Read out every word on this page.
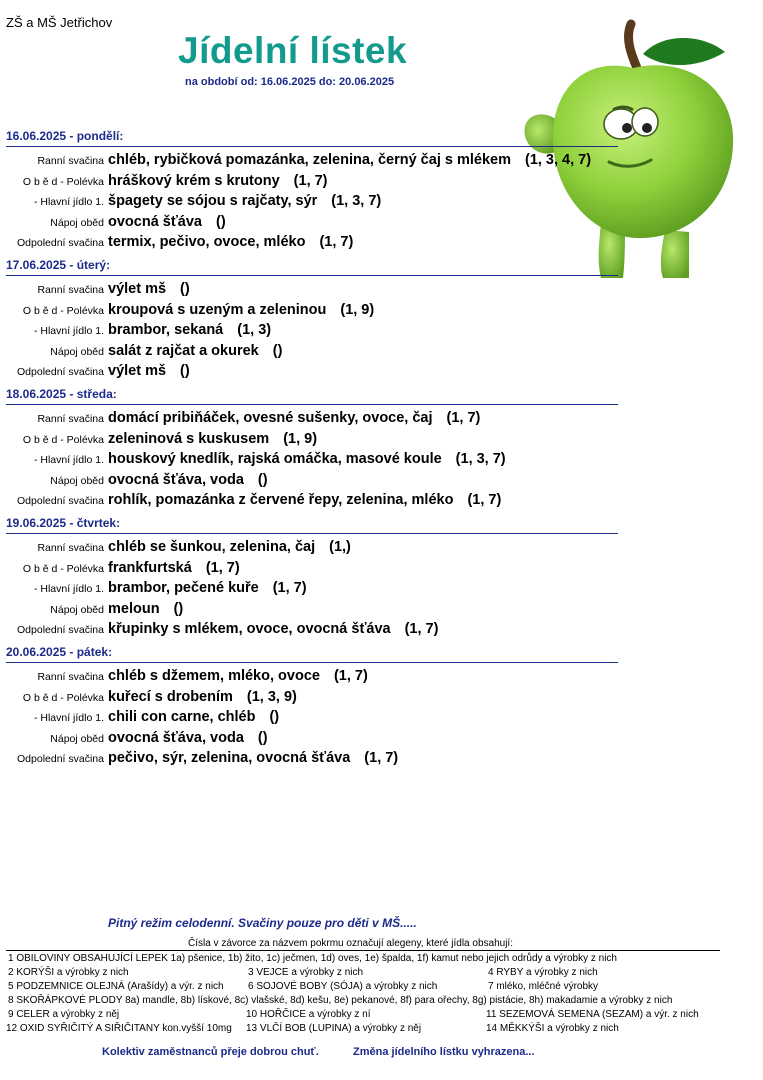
ZŠ a MŠ Jetřichov
Jídelní lístek
na období od: 16.06.2025 do: 20.06.2025
16.06.2025 - pondělí:
Ranní svačina chléb, rybičková pomazánka, zelenina, černý čaj s mlékem (1, 3, 4, 7)
O b ě d - Polévka hráškový krém s krutony (1, 7)
- Hlavní jídlo 1. špagety se sójou s rajčaty, sýr (1, 3, 7)
Nápoj oběd ovocná šťáva ()
Odpolední svačina termix, pečivo, ovoce, mléko (1, 7)
17.06.2025 - úterý:
Ranní svačina výlet mš ()
O b ě d - Polévka kroupová s uzeným a zeleninou (1, 9)
- Hlavní jídlo 1. brambor, sekaná (1, 3)
Nápoj oběd salát z rajčat a okurek ()
Odpolední svačina výlet mš ()
18.06.2025 - středa:
Ranní svačina domácí pribiňáček, ovesné sušenky, ovoce, čaj (1, 7)
O b ě d - Polévka zeleninová s kuskusem (1, 9)
- Hlavní jídlo 1. houskový knedlík, rajská omáčka, masové koule (1, 3, 7)
Nápoj oběd ovocná šťáva, voda ()
Odpolední svačina rohlík, pomazánka z červené řepy, zelenina, mléko (1, 7)
19.06.2025 - čtvrtek:
Ranní svačina chléb se šunkou, zelenina, čaj (1,)
O b ě d - Polévka frankfurtská (1, 7)
- Hlavní jídlo 1. brambor, pečené kuře (1, 7)
Nápoj oběd meloun ()
Odpolední svačina křupinky s mlékem, ovoce, ovocná šťáva (1, 7)
20.06.2025 - pátek:
Ranní svačina chléb s džemem, mléko, ovoce (1, 7)
O b ě d - Polévka kuřecí s drobením (1, 3, 9)
- Hlavní jídlo 1. chili con carne, chléb ()
Nápoj oběd ovocná šťáva, voda ()
Odpolední svačina pečivo, sýr, zelenina, ovocná šťáva (1, 7)
Pitný režim celodenní. Svačiny pouze pro děti v MŠ.....
Čísla v závorce za názvem pokrmu označují alegeny, které jídla obsahují:
1 OBILOVINY OBSAHUJÍCÍ LEPEK 1a) pšenice, 1b) žito, 1c) ječmen, 1d) oves, 1e) špalda, 1f) kamut nebo jejich odrůdy a výrobky z nich
2 KORÝŠI a výrobky z nich	3 VEJCE a výrobky z nich	4 RYBY a výrobky z nich
5 PODZEMNICE OLEJNÁ (Arašídy) a výr. z nich 6 SOJOVÉ BOBY (SÓJA) a výrobky z nich	7 mléko, mléčné výrobky
8 SKOŘÁPKOVÉ PLODY 8a) mandle, 8b) lískové, 8c) vlašské, 8d) kešu, 8e) pekanové, 8f) para ořechy, 8g) pistácie, 8h) makadamie a výrobky z nich
9 CELER a výrobky z něj	10 HOŘČICE a výrobky z ní	11 SEZEMOVÁ SEMENA (SEZAM) a výr. z nich
12 OXID SYŘIČITÝ A SIŘIČITANY kon.vyšší 10mg 13 VLČÍ BOB (LUPINA) a výrobky z něj	14 MĚKKÝŠI a výrobky z nich
Kolektiv zaměstnanců přeje dobrou chuť.	Změna jídelního lístku vyhrazena...
